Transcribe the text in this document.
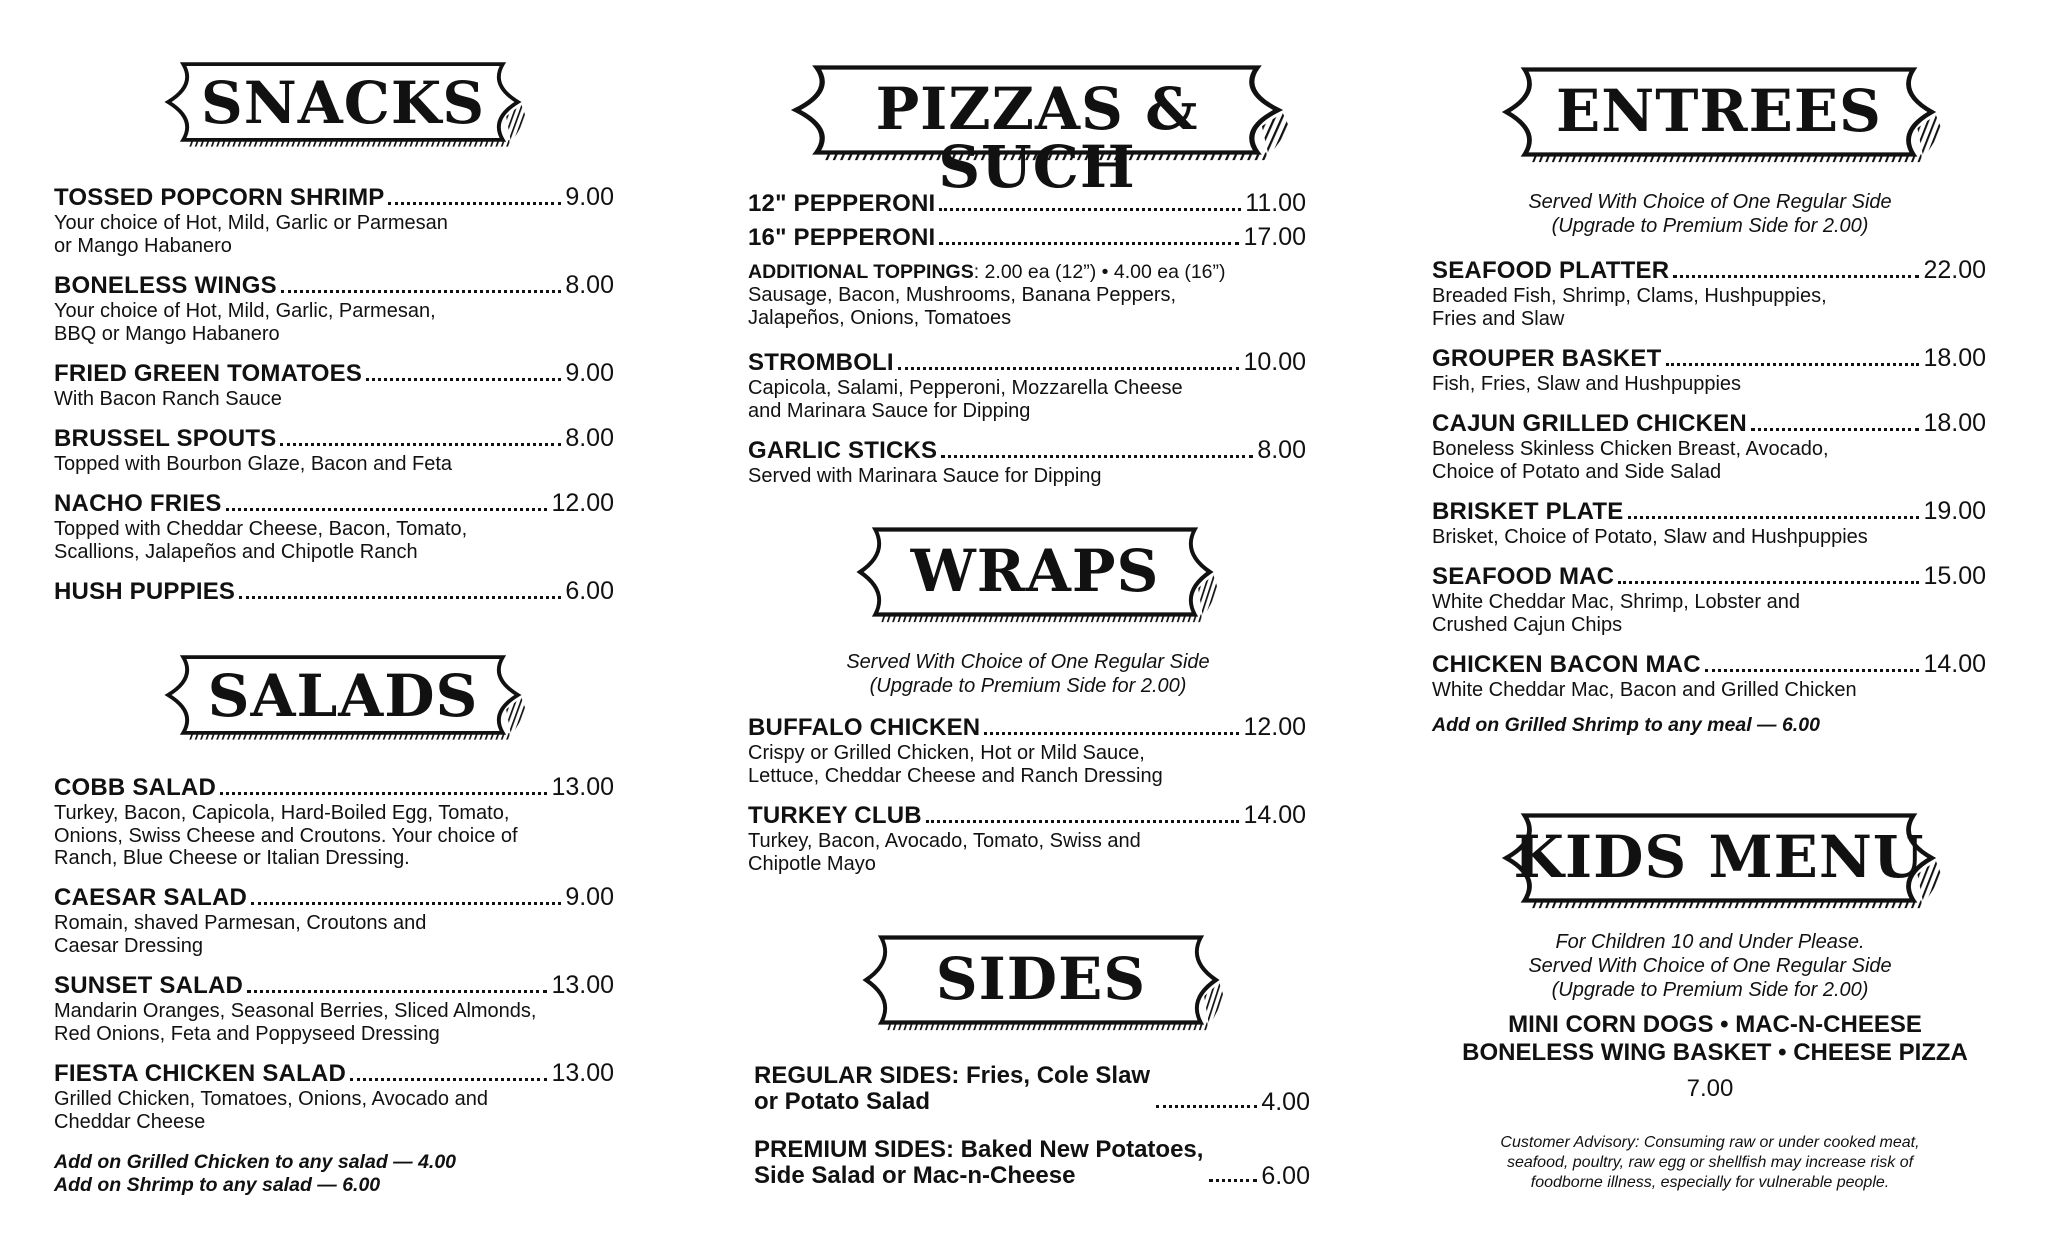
SNACKS
TOSSED POPCORN SHRIMP	9.00
Your choice of Hot, Mild, Garlic or Parmesan
or Mango Habanero
BONELESS WINGS	8.00
Your choice of Hot, Mild, Garlic, Parmesan,
BBQ or Mango Habanero
FRIED GREEN TOMATOES	9.00
With Bacon Ranch Sauce
BRUSSEL SPOUTS	8.00
Topped with Bourbon Glaze, Bacon and Feta
NACHO FRIES	12.00
Topped with Cheddar Cheese, Bacon, Tomato,
Scallions, Jalapeños and Chipotle Ranch
HUSH PUPPIES	6.00
SALADS
COBB SALAD	13.00
Turkey, Bacon, Capicola, Hard-Boiled Egg, Tomato,
Onions, Swiss Cheese and Croutons. Your choice of
Ranch, Blue Cheese or Italian Dressing.
CAESAR SALAD	9.00
Romain, shaved Parmesan, Croutons and
Caesar Dressing
SUNSET SALAD	13.00
Mandarin Oranges, Seasonal Berries, Sliced Almonds,
Red Onions, Feta and Poppyseed Dressing
FIESTA CHICKEN SALAD	13.00
Grilled Chicken, Tomatoes, Onions, Avocado and
Cheddar Cheese
Add on Grilled Chicken to any salad — 4.00
Add on Shrimp to any salad — 6.00
PIZZAS & SUCH
12" PEPPERONI	11.00
16" PEPPERONI	17.00
ADDITIONAL TOPPINGS: 2.00 ea (12”) • 4.00 ea (16”)
Sausage, Bacon, Mushrooms, Banana Peppers,
Jalapeños, Onions, Tomatoes
STROMBOLI	10.00
Capicola, Salami, Pepperoni, Mozzarella Cheese
and Marinara Sauce for Dipping
GARLIC STICKS	8.00
Served with Marinara Sauce for Dipping
WRAPS
Served With Choice of One Regular Side
(Upgrade to Premium Side for 2.00)
BUFFALO CHICKEN	12.00
Crispy or Grilled Chicken, Hot or Mild Sauce,
Lettuce, Cheddar Cheese and Ranch Dressing
TURKEY CLUB	14.00
Turkey, Bacon, Avocado, Tomato, Swiss and
Chipotle Mayo
SIDES
REGULAR SIDES: Fries, Cole Slaw
or Potato Salad	4.00
PREMIUM SIDES: Baked New Potatoes,
Side Salad or Mac-n-Cheese	6.00
ENTREES
Served With Choice of One Regular Side
(Upgrade to Premium Side for 2.00)
SEAFOOD PLATTER	22.00
Breaded Fish, Shrimp, Clams, Hushpuppies,
Fries and Slaw
GROUPER BASKET	18.00
Fish, Fries, Slaw and Hushpuppies
CAJUN GRILLED CHICKEN	18.00
Boneless Skinless Chicken Breast, Avocado,
Choice of Potato and Side Salad
BRISKET PLATE	19.00
Brisket, Choice of Potato, Slaw and Hushpuppies
SEAFOOD MAC	15.00
White Cheddar Mac, Shrimp, Lobster and
Crushed Cajun Chips
CHICKEN BACON MAC	14.00
White Cheddar Mac, Bacon and Grilled Chicken
Add on Grilled Shrimp to any meal — 6.00
KIDS MENU
For Children 10 and Under Please.
Served With Choice of One Regular Side
(Upgrade to Premium Side for 2.00)
MINI CORN DOGS • MAC-N-CHEESE
BONELESS WING BASKET • CHEESE PIZZA
7.00
Customer Advisory: Consuming raw or under cooked meat,
seafood, poultry, raw egg or shellfish may increase risk of
foodborne illness, especially for vulnerable people.
